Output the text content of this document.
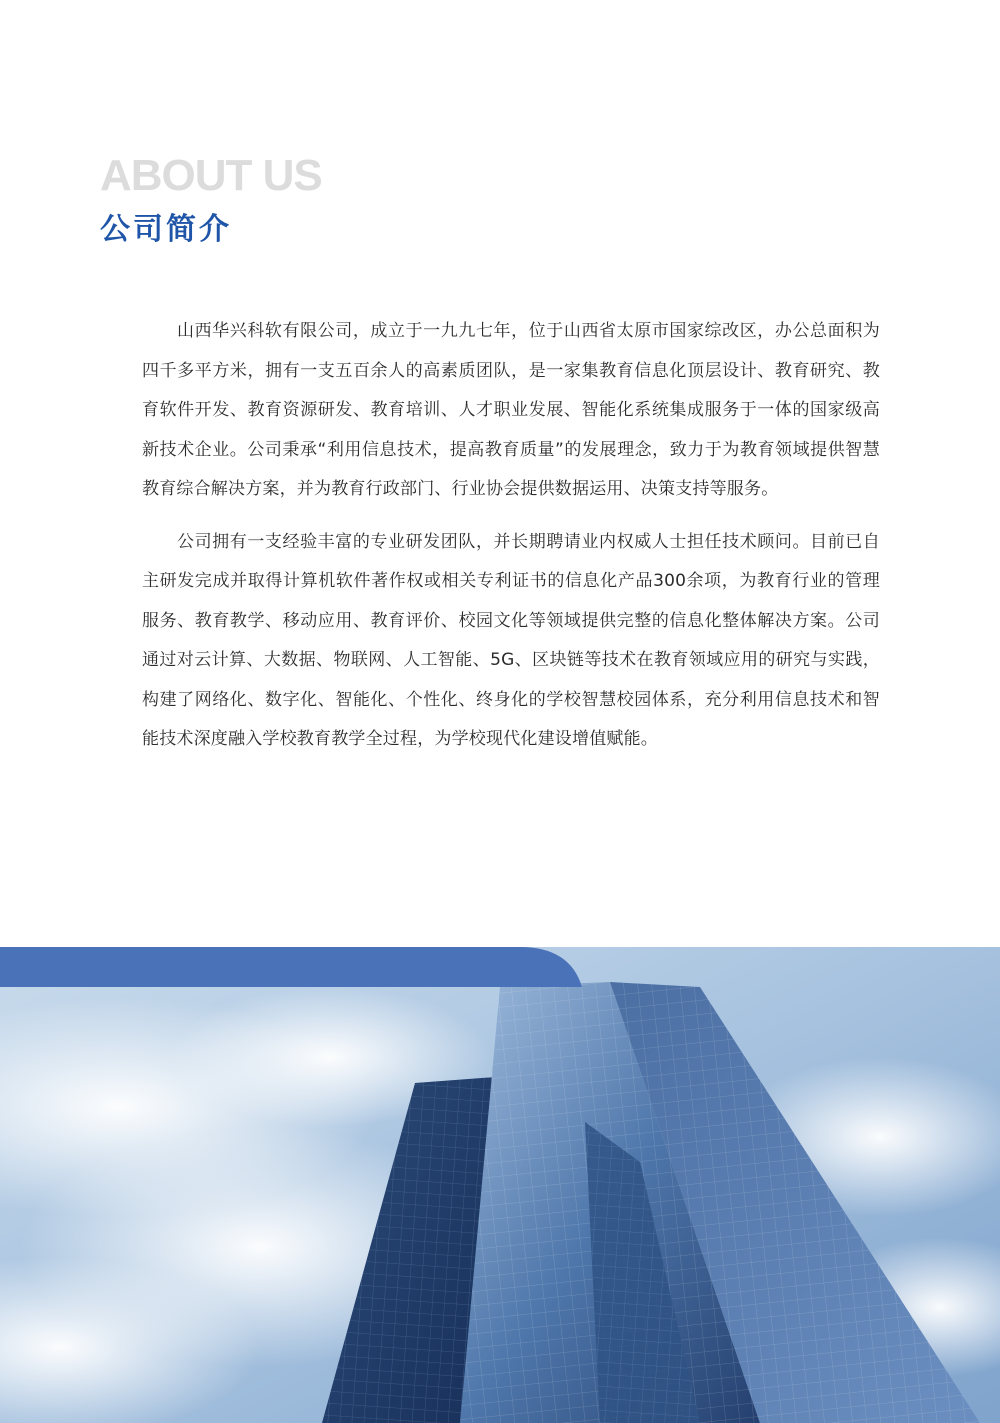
ABOUT US
公司简介

山西华兴科软有限公司，成立于一九九七年，位于山西省太原市国家综改区，办公总面积为四千多平方米，拥有一支五百余人的高素质团队，是一家集教育信息化顶层设计、教育研究、教育软件开发、教育资源研发、教育培训、人才职业发展、智能化系统集成服务于一体的国家级高新技术企业。公司秉承“利用信息技术，提高教育质量”的发展理念，致力于为教育领域提供智慧教育综合解决方案，并为教育行政部门、行业协会提供数据运用、决策支持等服务。

公司拥有一支经验丰富的专业研发团队，并长期聘请业内权威人士担任技术顾问。目前已自主研发完成并取得计算机软件著作权或相关专利证书的信息化产品300余项，为教育行业的管理服务、教育教学、移动应用、教育评价、校园文化等领域提供完整的信息化整体解决方案。公司通过对云计算、大数据、物联网、人工智能、5G、区块链等技术在教育领域应用的研究与实践，构建了网络化、数字化、智能化、个性化、终身化的学校智慧校园体系，充分利用信息技术和智能技术深度融入学校教育教学全过程，为学校现代化建设增值赋能。
